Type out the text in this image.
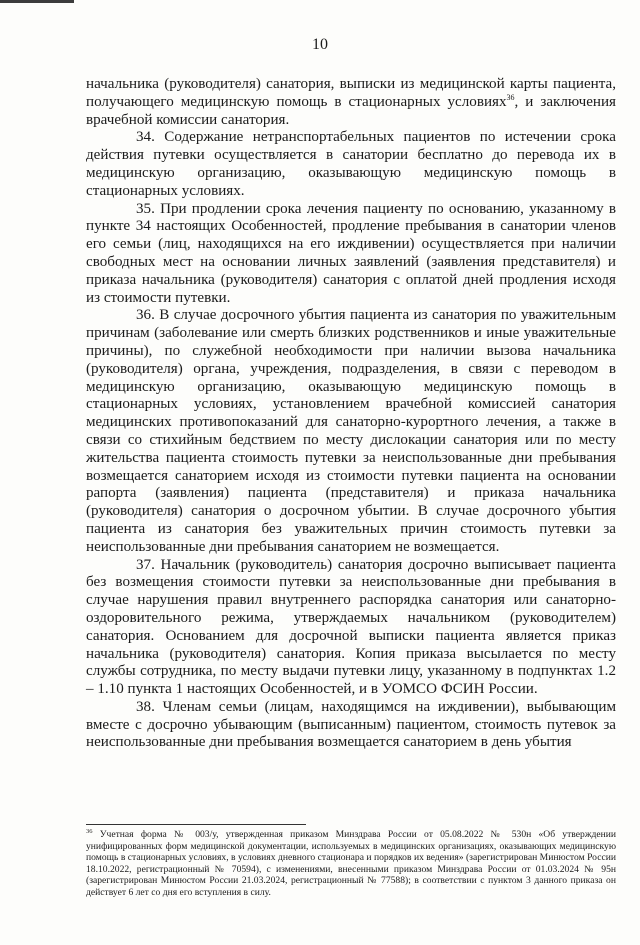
10

начальника (руководителя) санатория, выписки из медицинской карты пациента, получающего медицинскую помощь в стационарных условиях$^{36}$, и заключения врачебной комиссии санатория.

34. Содержание нетранспортабельных пациентов по истечении срока действия путевки осуществляется в санатории бесплатно до перевода их в медицинскую организацию, оказывающую медицинскую помощь в стационарных условиях.

35. При продлении срока лечения пациенту по основанию, указанному в пункте 34 настоящих Особенностей, продление пребывания в санатории членов его семьи (лиц, находящихся на его иждивении) осуществляется при наличии свободных мест на основании личных заявлений (заявления представителя) и приказа начальника (руководителя) санатория с оплатой дней продления исходя из стоимости путевки.

36. В случае досрочного убытия пациента из санатория по уважительным причинам (заболевание или смерть близких родственников и иные уважительные причины), по служебной необходимости при наличии вызова начальника (руководителя) органа, учреждения, подразделения, в связи с переводом в медицинскую организацию, оказывающую медицинскую помощь в стационарных условиях, установлением врачебной комиссией санатория медицинских противопоказаний для санаторно-курортного лечения, а также в связи со стихийным бедствием по месту дислокации санатория или по месту жительства пациента стоимость путевки за неиспользованные дни пребывания возмещается санаторием исходя из стоимости путевки пациента на основании рапорта (заявления) пациента (представителя) и приказа начальника (руководителя) санатория о досрочном убытии. В случае досрочного убытия пациента из санатория без уважительных причин стоимость путевки за неиспользованные дни пребывания санаторием не возмещается.

37. Начальник (руководитель) санатория досрочно выписывает пациента без возмещения стоимости путевки за неиспользованные дни пребывания в случае нарушения правил внутреннего распорядка санатория или санаторно-оздоровительного режима, утверждаемых начальником (руководителем) санатория. Основанием для досрочной выписки пациента является приказ начальника (руководителя) санатория. Копия приказа высылается по месту службы сотрудника, по месту выдачи путевки лицу, указанному в подпунктах 1.2 – 1.10 пункта 1 настоящих Особенностей, и в УОМСО ФСИН России.

38. Членам семьи (лицам, находящимся на иждивении), выбывающим вместе с досрочно убывающим (выписанным) пациентом, стоимость путевок за неиспользованные дни пребывания возмещается санаторием в день убытия

$^{36}$ Учетная форма № 003/у, утвержденная приказом Минздрава России от 05.08.2022 № 530н «Об утверждении унифицированных форм медицинской документации, используемых в медицинских организациях, оказывающих медицинскую помощь в стационарных условиях, в условиях дневного стационара и порядков их ведения» (зарегистрирован Минюстом России 18.10.2022, регистрационный № 70594), с изменениями, внесенными приказом Минздрава России от 01.03.2024 № 95н (зарегистрирован Минюстом России 21.03.2024, регистрационный № 77588); в соответствии с пунктом 3 данного приказа он действует 6 лет со дня его вступления в силу.
